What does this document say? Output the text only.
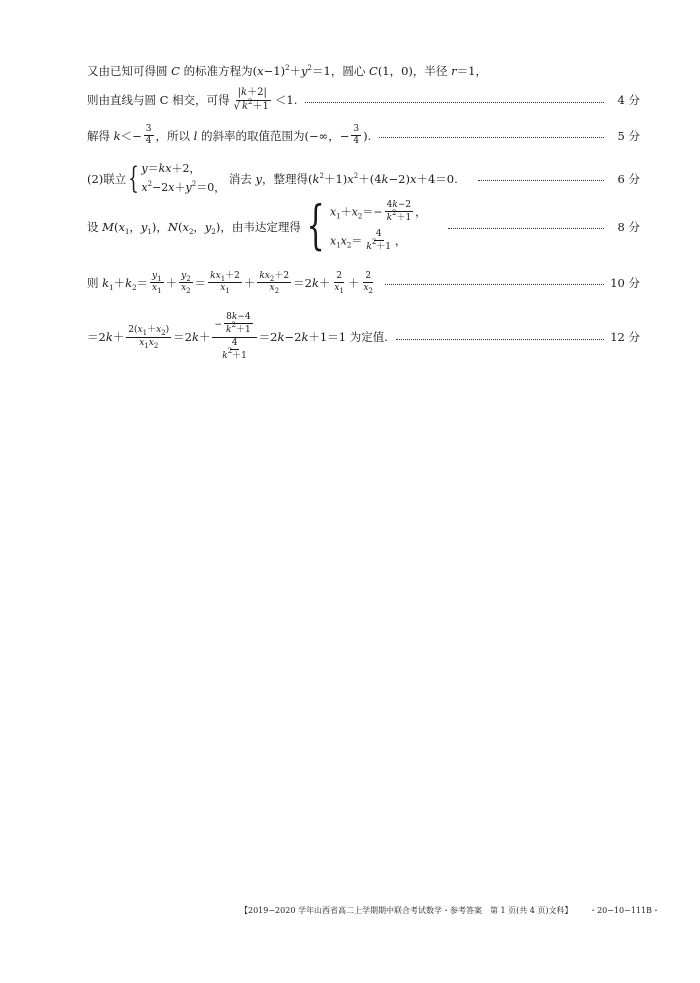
又由已知可得圆 C 的标准方程为$(x-1)^2+y^2=1$，圆心 C(1，0)，半径 r＝1，
则由直线与圆 C 相交，可得 $\frac{|k+2|}{√ k^2+1} <1$.	4 分
解得 $k<- \frac{3}{4}$ ，所以 l 的斜率的取值范围为(−∞，− $\frac{3}{4}$ ).	5 分
(2)联立 { y＝kx＋2，
$x^2-2x+y^2=0$，
消去 y，整理得$(k^2+1)x^2+(4k-2)x+4=0$.	6 分
设 $M(x_1$，$y_1$)，$N(x_2$，$y_2$)，由韦达定理得 { $x_1+x_2=- \frac{4k-2}{k^2+1}$ ，
$x_1x_2= \frac{4}{k^2+1}$ ，
8 分
则 $k_1+k_2= \frac{y_1}{x_1} + \frac{y_2}{x_2} = \frac{kx_1+2}{x_1} + \frac{kx_2+2}{x_2} =2$ $k + \frac{2}{x_1} + \frac{2}{x_2}$	10 分
$=2k+ \frac{2(x_1+x_2)}{x_1x_2} =2$ $k + \frac{- \frac{8k-4}{k^2+1}}{\frac{4}{k^2+1}} =2k-2k+1=1$ 为定值.	12 分
【2019~2020 学年山西省高二上学期期中联合考试数学・参考答案　第 1 页(共 4 页)文科】 ・20−10−111B・
